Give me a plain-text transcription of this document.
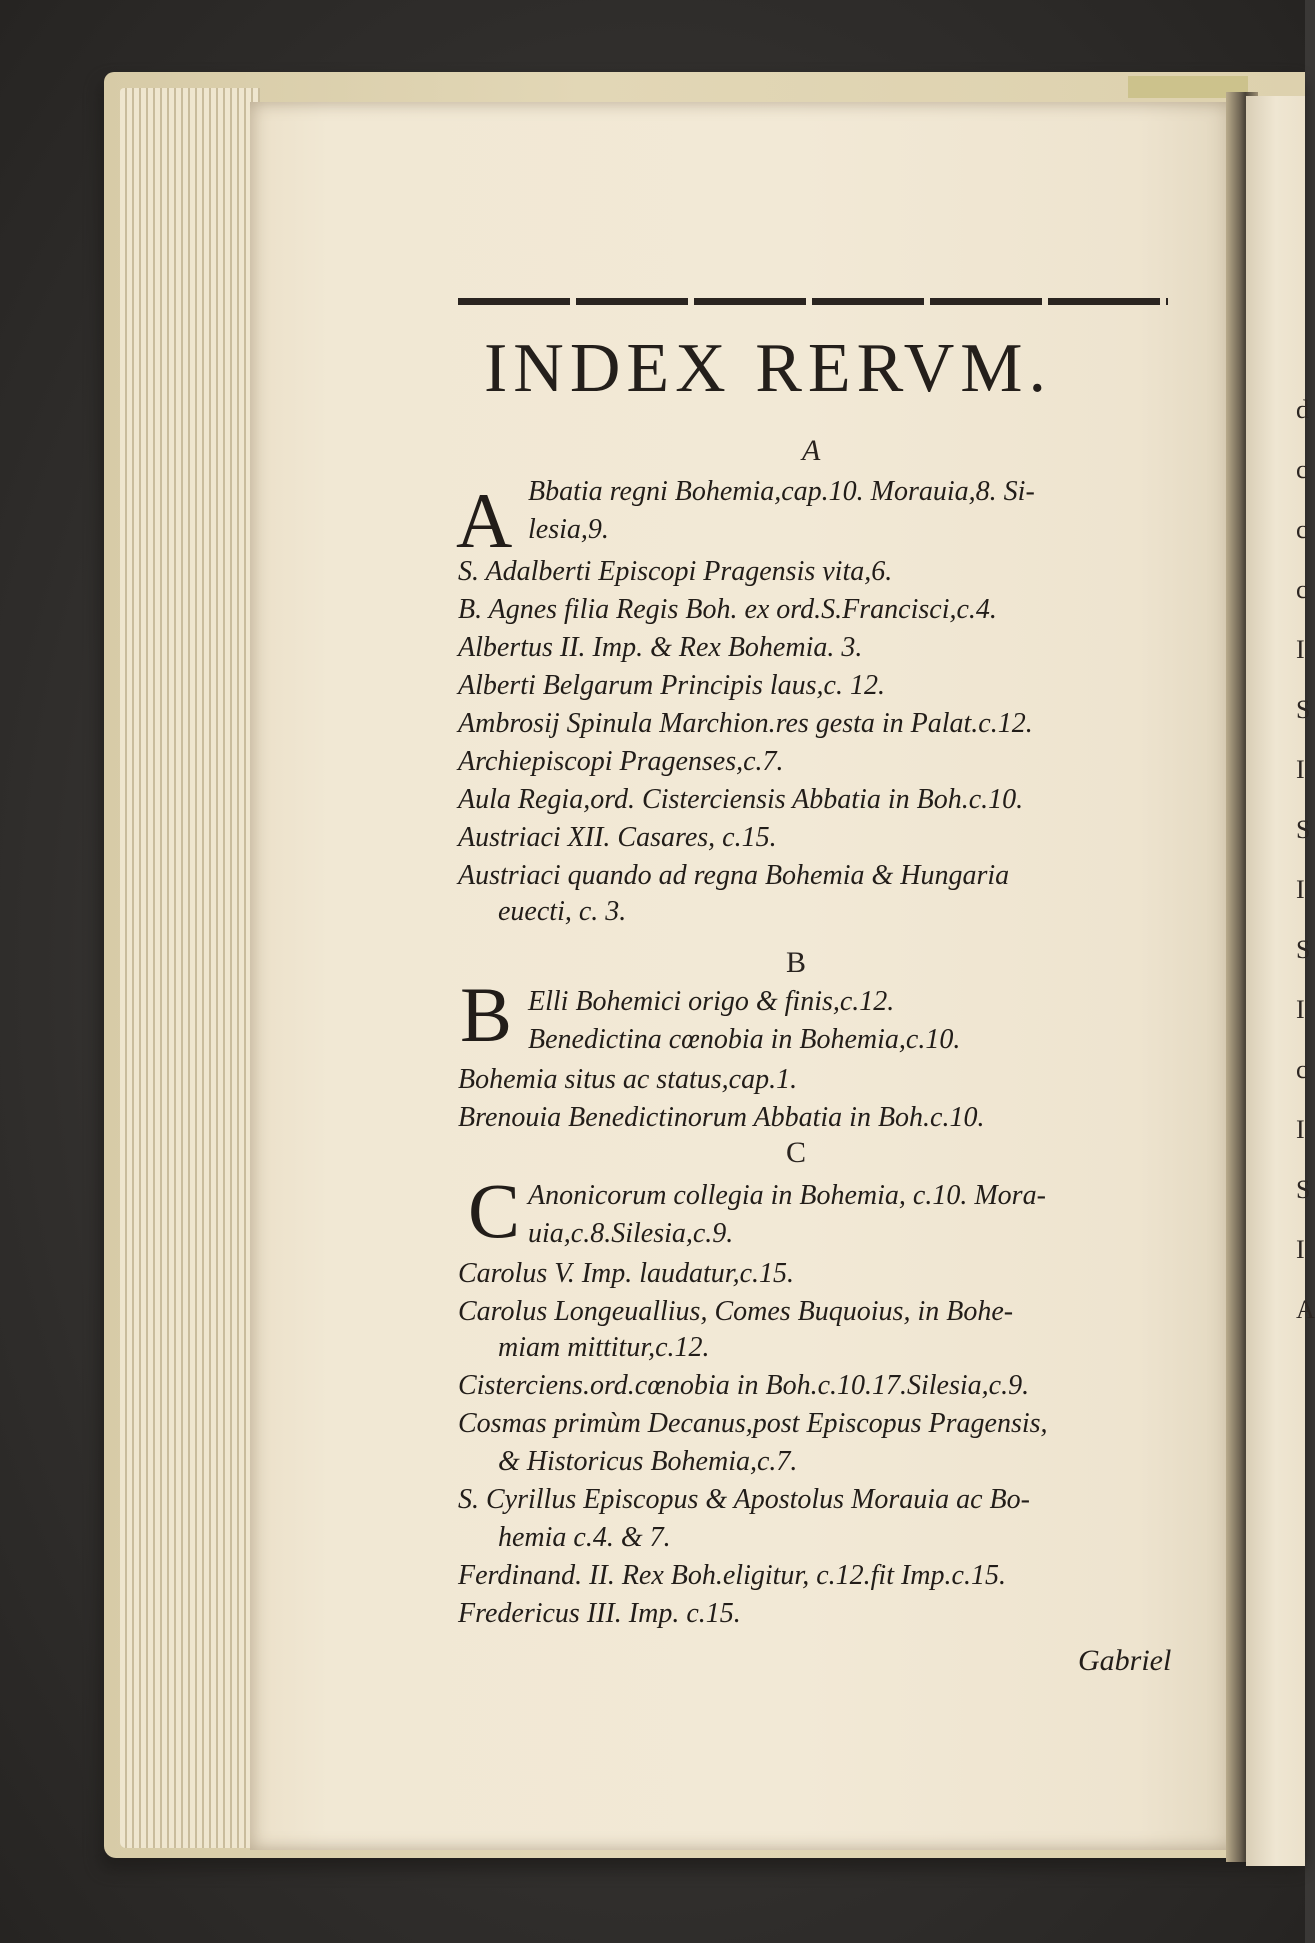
INDEX RERVM.
A
A Bbatia regni Bohemia,cap.10. Morauia,8. Si-
lesia,9.
S. Adalberti Episcopi Pragensis vita,6.
B. Agnes filia Regis Boh. ex ord.S.Francisci,c.4.
Albertus II. Imp. & Rex Bohemia. 3.
Alberti Belgarum Principis laus,c. 12.
Ambrosij Spinula Marchion.res gesta in Palat.c.12.
Archiepiscopi Pragenses,c.7.
Aula Regia,ord. Cisterciensis Abbatia in Boh.c.10.
Austriaci XII. Casares, c.15.
Austriaci quando ad regna Bohemia & Hungaria
euecti, c. 3.
Elli Bohemici origo & finis,c.12.
Benedictina cœnobia in Bohemia,c.10.
Bohemia situs ac status,cap.1.
Brenouia Benedictinorum Abbatia in Boh.c.10.
Anonicorum collegia in Bohemia, c.10. Mora-
uia,c.8.Silesia,c.9.
Carolus V. Imp. laudatur,c.15.
Carolus Longeuallius, Comes Buquoius, in Bohe-
miam mittitur,c.12.
Cisterciens.ord.cœnobia in Boh.c.10.17.Silesia,c.9.
Cosmas primùm Decanus,post Episcopus Pragensis,
& Historicus Bohemia,c.7.
S. Cyrillus Episcopus & Apostolus Morauia ac Bo-
hemia c.4. & 7.
Ferdinand. II. Rex Boh.eligitur, c.12.fit Imp.c.15.
Fredericus III. Imp. c.15.
B
B
C
C
Gabriel
d
c
c
c
I
S
I
S
I
S
I
c
I
S
I
A
